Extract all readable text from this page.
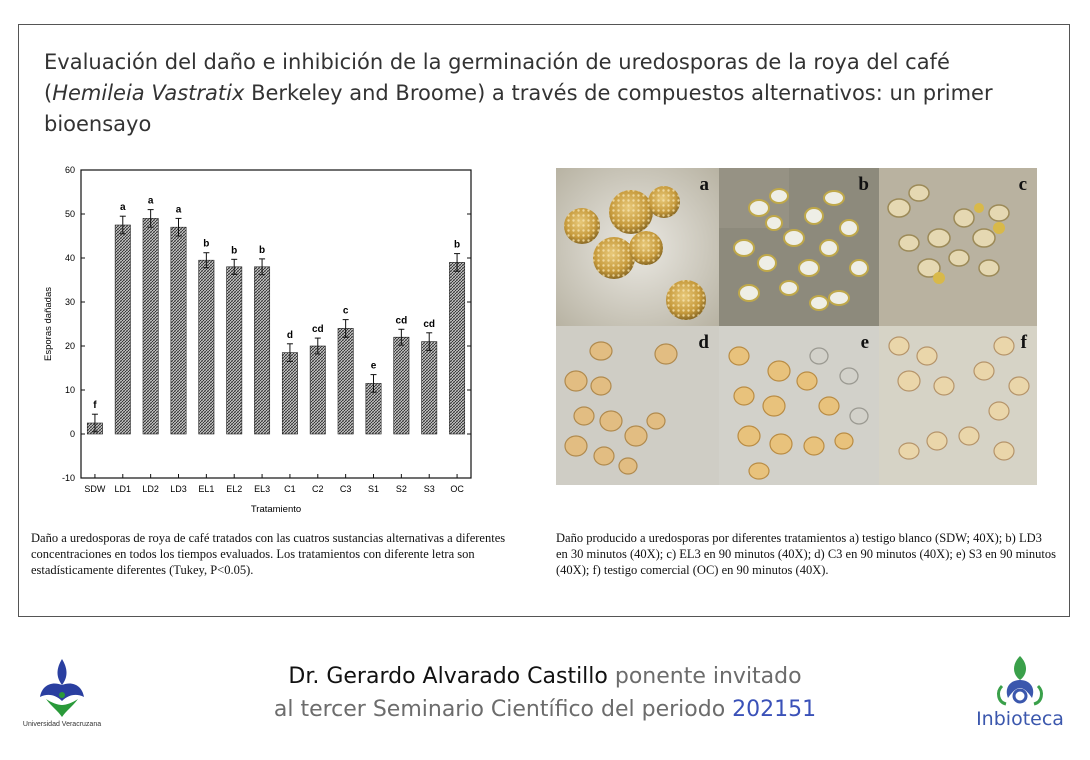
Evaluación del daño e inhibición de la germinación de uredosporas de la roya del café (Hemileia Vastratix Berkeley and Broome) a través de compuestos alternativos: un primer bioensayo

-10
0
10
20
30
40
50
60
Esporas dañadas
f
SDW
a
LD1
a
LD2
a
LD3
b
EL1
b
EL2
b
EL3
d
C1
cd
C2
c
C3
e
S1
cd
S2
cd
S3
b
OC
Tratamiento
a	b	c
d	e	f
Daño a uredosporas de roya de café tratados con las cuatros sustancias alternativas a diferentes concentraciones en todos los tiempos evaluados. Los tratamientos con diferente letra son estadísticamente diferentes (Tukey, P<0.05).
Daño producido a uredosporas por diferentes tratamientos a) testigo blanco (SDW; 40X); b) LD3 en 30 minutos (40X); c) EL3 en 90 minutos (40X); d) C3 en 90 minutos (40X); e) S3 en 90 minutos (40X); f) testigo comercial (OC) en 90 minutos (40X).
Dr. Gerardo Alvarado Castillo ponente invitado
al tercer Seminario Científico del periodo 202151
Universidad Veracruzana	Inbioteca
